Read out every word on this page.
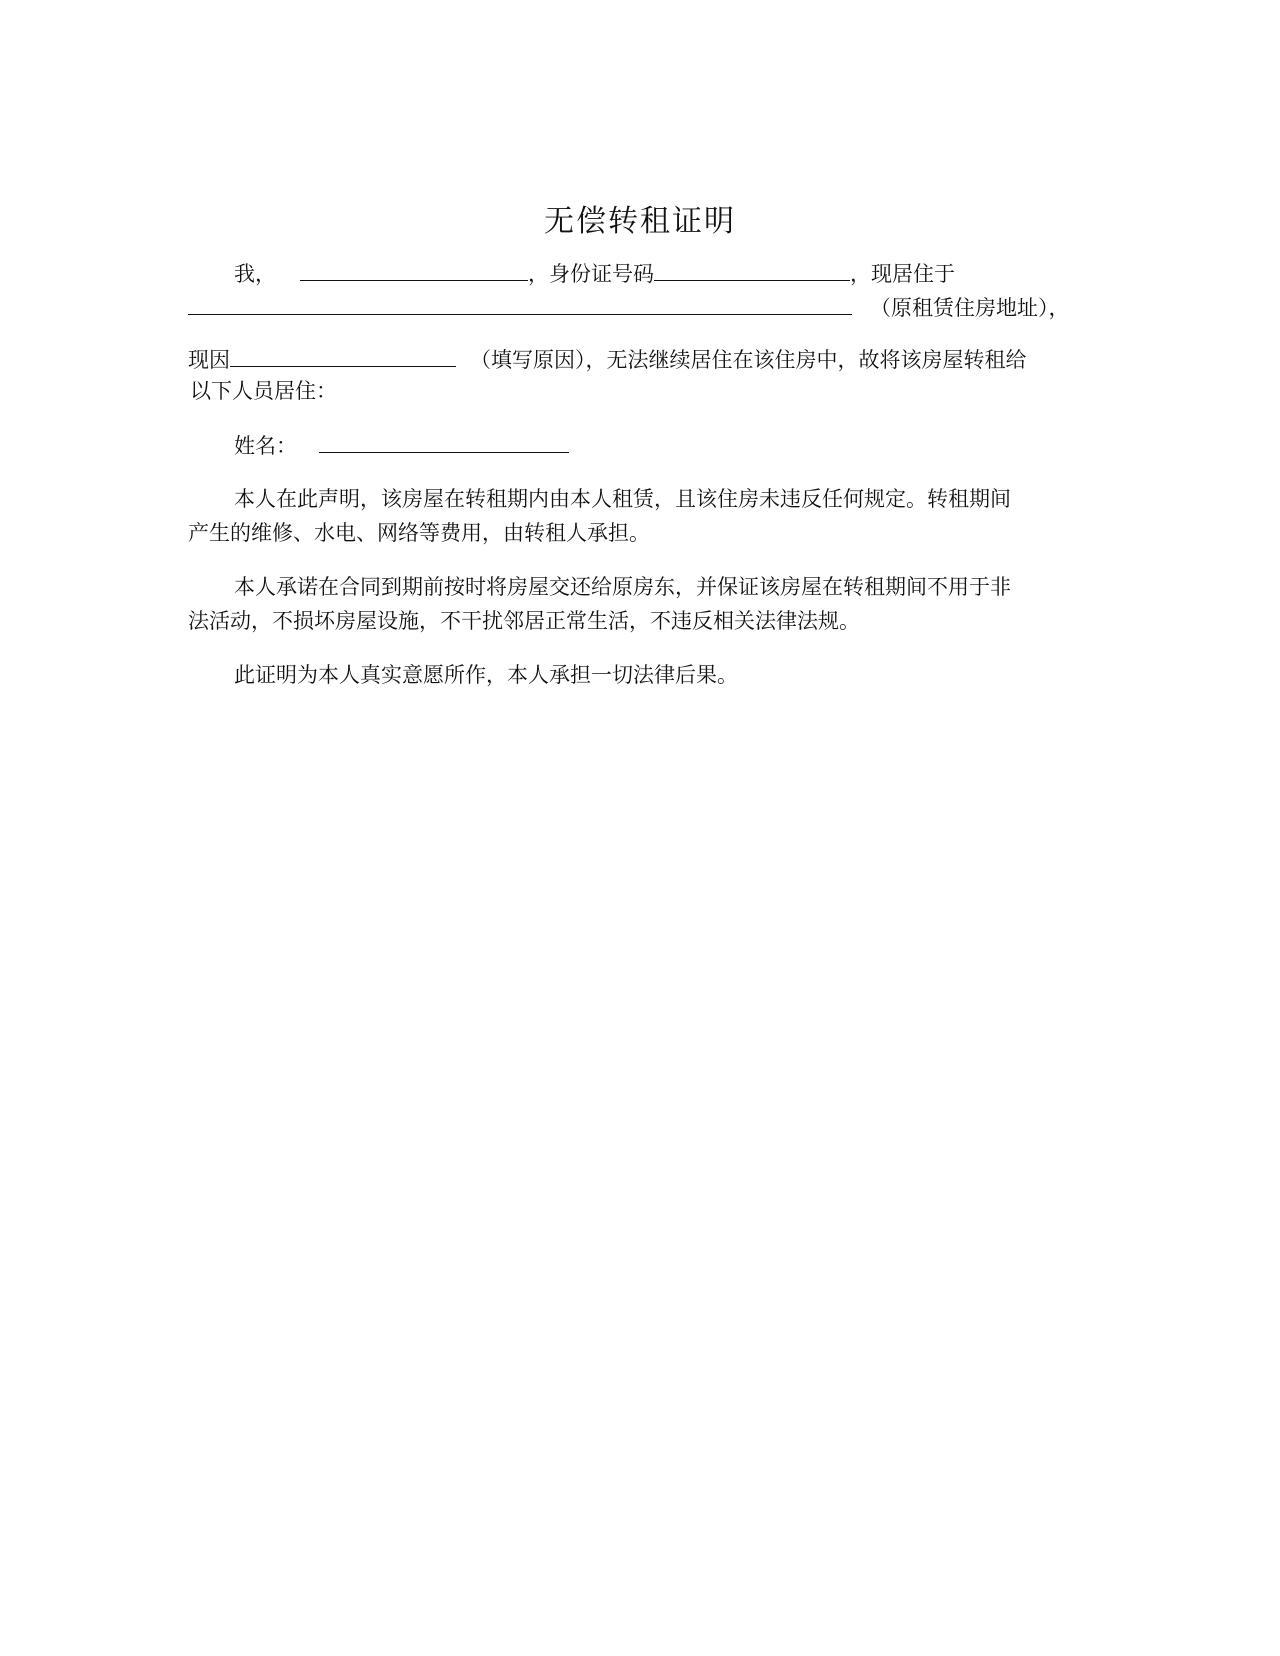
无偿转租证明
我，	，身份证号码	，现居住于
（原租赁住房地址），
现因	（填写原因），无法继续居住在该住房中，故将该房屋转租给
以下人员居住：
姓名：
本人在此声明，该房屋在转租期内由本人租赁，且该住房未违反任何规定。转租期间
产生的维修、水电、网络等费用，由转租人承担。
本人承诺在合同到期前按时将房屋交还给原房东，并保证该房屋在转租期间不用于非
法活动，不损坏房屋设施，不干扰邻居正常生活，不违反相关法律法规。
此证明为本人真实意愿所作，本人承担一切法律后果。
